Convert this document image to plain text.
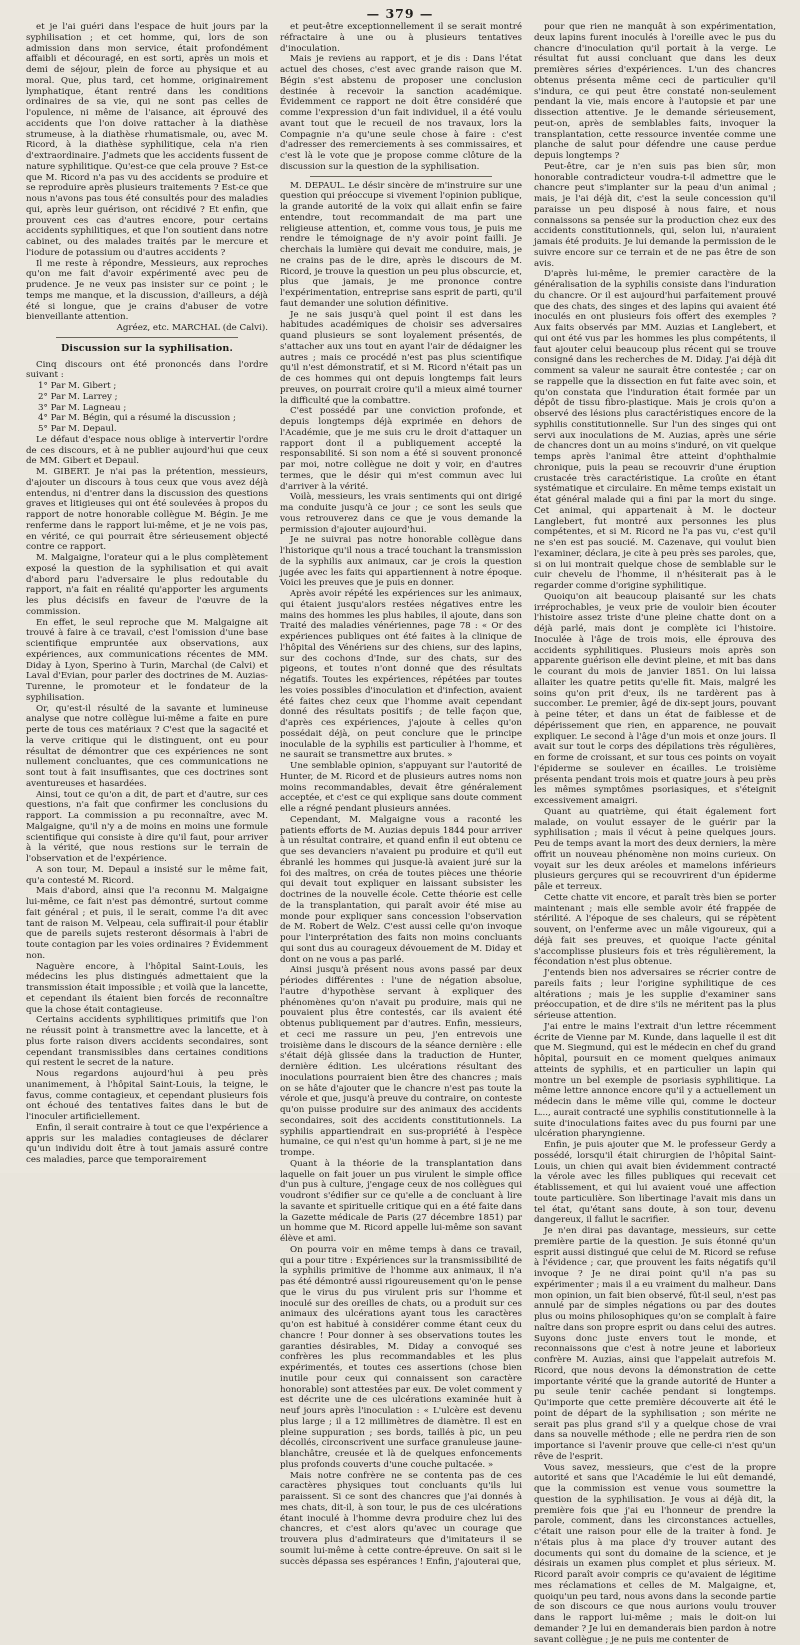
— 379 —

et je l'ai guéri dans l'espace de huit jours par la syphilisation ; et cet homme, qui, lors de son admission dans mon service, était profondément affaibli et découragé, en est sorti, après un mois et demi de séjour, plein de force au physique et au moral. Que, plus tard, cet homme, originairement lymphatique, étant rentré dans les conditions ordinaires de sa vie, qui ne sont pas celles de l'opulence, ni même de l'aisance, ait éprouvé des accidents que l'on doive rattacher à la diathèse strumeuse, à la diathèse rhumatismale, ou, avec M. Ricord, à la diathèse syphilitique, cela n'a rien d'extraordinaire. J'admets que les accidents fussent de nature syphilitique. Qu'est-ce que cela prouve ? Est-ce que M. Ricord n'a pas vu des accidents se produire et se reproduire après plusieurs traitements ? Est-ce que nous n'avons pas tous été consultés pour des maladies qui, après leur guérison, ont récidivé ? Et enfin, que prouvent ces cas d'autres encore, pour certains accidents syphilitiques, et que l'on soutient dans notre cabinet, ou des malades traités par le mercure et l'iodure de potassium ou d'autres accidents ?

Il me reste à répondre, Messieurs, aux reproches qu'on me fait d'avoir expérimenté avec peu de prudence. Je ne veux pas insister sur ce point ; le temps me manque, et la discussion, d'ailleurs, a déjà été si longue, que je crains d'abuser de votre bienveillante attention.

Agréez, etc. MARCHAL (de Calvi).

Discussion sur la syphilisation.

Cinq discours ont été prononcés dans l'ordre suivant :

1° Par M. Gibert ;
2° Par M. Larrey ;
3° Par M. Lagneau ;
4° Par M. Bégin, qui a résumé la discussion ;
5° Par M. Depaul.

Le défaut d'espace nous oblige à intervertir l'ordre de ces discours, et à ne publier aujourd'hui que ceux de MM. Gibert et Depaul.

M. GIBERT. Je n'ai pas la prétention, messieurs, d'ajouter un discours à tous ceux que vous avez déjà entendus, ni d'entrer dans la discussion des questions graves et litigieuses qui ont été soulevées à propos du rapport de notre honorable collègue M. Bégin. Je me renferme dans le rapport lui-même, et je ne vois pas, en vérité, ce qui pourrait être sérieusement objecté contre ce rapport.

M. Malgaigne, l'orateur qui a le plus complètement exposé la question de la syphilisation et qui avait d'abord paru l'adversaire le plus redoutable du rapport, n'a fait en réalité qu'apporter les arguments les plus décisifs en faveur de l'œuvre de la commission.

En effet, le seul reproche que M. Malgaigne ait trouvé à faire à ce travail, c'est l'omission d'une base scientifique empruntée aux observations, aux expériences, aux communications récentes de MM. Diday à Lyon, Sperino à Turin, Marchal (de Calvi) et Laval d'Evian, pour parler des doctrines de M. Auzias-Turenne, le promoteur et le fondateur de la syphilisation.

Or, qu'est-il résulté de la savante et lumineuse analyse que notre collègue lui-même a faite en pure perte de tous ces matériaux ? C'est que la sagacité et la verve critique qui le distinguent, ont eu pour résultat de démontrer que ces expériences ne sont nullement concluantes, que ces communications ne sont tout à fait insuffisantes, que ces doctrines sont aventureuses et hasardées.

Ainsi, tout ce qu'on a dit, de part et d'autre, sur ces questions, n'a fait que confirmer les conclusions du rapport. La commission a pu reconnaître, avec M. Malgaigne, qu'il n'y a de moins en moins une formule scientifique qui consiste à dire qu'il faut, pour arriver à la vérité, que nous restions sur le terrain de l'observation et de l'expérience.

A son tour, M. Depaul a insisté sur le même fait, qu'a contesté M. Ricord.

Mais d'abord, ainsi que l'a reconnu M. Malgaigne lui-même, ce fait n'est pas démontré, surtout comme fait général ; et puis, il le serait, comme l'a dit avec tant de raison M. Velpeau, cela suffirait-il pour établir que de pareils sujets resteront désormais à l'abri de toute contagion par les voies ordinaires ? Évidemment non.

Naguère encore, à l'hôpital Saint-Louis, les médecins les plus distingués admettaient que la transmission était impossible ; et voilà que la lancette, et cependant ils étaient bien forcés de reconnaître que la chose était contagieuse.

Certains accidents syphilitiques primitifs que l'on ne réussit point à transmettre avec la lancette, et à plus forte raison divers accidents secondaires, sont cependant transmissibles dans certaines conditions qui restent le secret de la nature.

Nous regardons aujourd'hui à peu près unanimement, à l'hôpital Saint-Louis, la teigne, le favus, comme contagieux, et cependant plusieurs fois ont échoué des tentatives faites dans le but de l'inoculer artificiellement.

Enfin, il serait contraire à tout ce que l'expérience a appris sur les maladies contagieuses de déclarer qu'un individu doit être à tout jamais assuré contre ces maladies, parce que temporairement

et peut-être exceptionnellement il se serait montré réfractaire à une ou à plusieurs tentatives d'inoculation.

Mais je reviens au rapport, et je dis : Dans l'état actuel des choses, c'est avec grande raison que M. Bégin s'est abstenu de proposer une conclusion destinée à recevoir la sanction académique. Évidemment ce rapport ne doit être considéré que comme l'expression d'un fait individuel, il a été voulu avant tout que le recueil de nos travaux, lors la Compagnie n'a qu'une seule chose à faire : c'est d'adresser des remerciements à ses commissaires, et c'est là le vote que je propose comme clôture de la discussion sur la question de la syphilisation.

M. DEPAUL. Le désir sincère de m'instruire sur une question qui préoccupe si vivement l'opinion publique, la grande autorité de la voix qui allait enfin se faire entendre, tout recommandait de ma part une religieuse attention, et, comme vous tous, je puis me rendre le témoignage de n'y avoir point failli. Je cherchais la lumière qui devait me conduire, mais, je ne crains pas de le dire, après le discours de M. Ricord, je trouve la question un peu plus obscurcie, et, plus que jamais, je me prononce contre l'expérimentation, entreprise sans esprit de parti, qu'il faut demander une solution définitive.

Je ne sais jusqu'à quel point il est dans les habitudes académiques de choisir ses adversaires quand plusieurs se sont loyalement présentés, de s'attacher aux uns tout en ayant l'air de dédaigner les autres ; mais ce procédé n'est pas plus scientifique qu'il n'est démonstratif, et si M. Ricord n'était pas un de ces hommes qui ont depuis longtemps fait leurs preuves, on pourrait croire qu'il a mieux aimé tourner la difficulté que la combattre.

C'est possédé par une conviction profonde, et depuis longtemps déjà exprimée en dehors de l'Académie, que je me suis cru le droit d'attaquer un rapport dont il a publiquement accepté la responsabilité. Si son nom a été si souvent prononcé par moi, notre collègue ne doit y voir, en d'autres termes, que le désir qui m'est commun avec lui d'arriver à la vérité.

Voilà, messieurs, les vrais sentiments qui ont dirigé ma conduite jusqu'à ce jour ; ce sont les seuls que vous retrouverez dans ce que je vous demande la permission d'ajouter aujourd'hui.

Je ne suivrai pas notre honorable collègue dans l'historique qu'il nous a tracé touchant la transmission de la syphilis aux animaux, car je crois la question jugée avec les faits qui appartiennent à notre époque. Voici les preuves que je puis en donner.

Après avoir répété les expériences sur les animaux, qui étaient jusqu'alors restées négatives entre les mains des hommes les plus habiles, il ajoute, dans son Traité des maladies vénériennes, page 78 : « Or des expériences publiques ont été faites à la clinique de l'hôpital des Vénériens sur des chiens, sur des lapins, sur des cochons d'Inde, sur des chats, sur des pigeons, et toutes n'ont donné que des résultats négatifs. Toutes les expériences, répétées par toutes les voies possibles d'inoculation et d'infection, avaient été faites chez ceux que l'homme avait cependant donné des résultats positifs ; de telle façon que, d'après ces expériences, j'ajoute à celles qu'on possédait déjà, on peut conclure que le principe inoculable de la syphilis est particulier à l'homme, et ne saurait se transmettre aux brutes. »

Une semblable opinion, s'appuyant sur l'autorité de Hunter, de M. Ricord et de plusieurs autres noms non moins recommandables, devait être généralement acceptée, et c'est ce qui explique sans doute comment elle a régné pendant plusieurs années.

Cependant, M. Malgaigne vous a raconté les patients efforts de M. Auzias depuis 1844 pour arriver à un résultat contraire, et quand enfin il eut obtenu ce que ses devanciers n'avaient pu produire et qu'il eut ébranlé les hommes qui jusque-là avaient juré sur la foi des maîtres, on créa de toutes pièces une théorie qui devait tout expliquer en laissant subsister les doctrines de la nouvelle école. Cette théorie est celle de la transplantation, qui paraît avoir été mise au monde pour expliquer sans concession l'observation de M. Robert de Welz. C'est aussi celle qu'on invoque pour l'interprétation des faits non moins concluants qui sont dus au courageux dévouement de M. Diday et dont on ne vous a pas parlé.

Ainsi jusqu'à présent nous avons passé par deux périodes différentes : l'une de négation absolue, l'autre d'hypothèse servant à expliquer des phénomènes qu'on n'avait pu produire, mais qui ne pouvaient plus être contestés, car ils avaient été obtenus publiquement par d'autres. Enfin, messieurs, et ceci me rassure un peu, j'en entrevois une troisième dans le discours de la séance dernière : elle s'était déjà glissée dans la traduction de Hunter, dernière édition. Les ulcérations résultant des inoculations pourraient bien être des chancres ; mais on se hâte d'ajouter que le chancre n'est pas toute la vérole et que, jusqu'à preuve du contraire, on conteste qu'on puisse produire sur des animaux des accidents secondaires, soit des accidents constitutionnels. La syphilis appartiendrait en sus-propriété à l'espèce humaine, ce qui n'est qu'un homme à part, si je ne me trompe.

Quant à la théorie de la transplantation dans laquelle on fait jouer un pus virulent le simple office d'un pus à culture, j'engage ceux de nos collègues qui voudront s'édifier sur ce qu'elle a de concluant à lire la savante et spirituelle critique qui en a été faite dans la Gazette médicale de Paris (27 décembre 1851) par un homme que M. Ricord appelle lui-même son savant élève et ami.

On pourra voir en même temps à dans ce travail, qui a pour titre : Expériences sur la transmissibilité de la syphilis primitive de l'homme aux animaux, il n'a pas été démontré aussi rigoureusement qu'on le pense que le virus du pus virulent pris sur l'homme et inoculé sur des oreilles de chats, ou a produit sur ces animaux des ulcérations ayant tous les caractères qu'on est habitué à considérer comme étant ceux du chancre ! Pour donner à ses observations toutes les garanties désirables, M. Diday a convoqué ses confrères les plus recommandables et les plus expérimentés, et toutes ces assertions (chose bien inutile pour ceux qui connaissent son caractère honorable) sont attestées par eux. De volet comment y est décrite une de ces ulcérations examinée huit à neuf jours après l'inoculation : « L'ulcère est devenu plus large ; il a 12 millimètres de diamètre. Il est en pleine suppuration ; ses bords, taillés à pic, un peu décollés, circonscrivent une surface granuleuse jaune-blanchâtre, creusée et là de quelques enfoncements plus profonds couverts d'une couche pultacée. »

Mais notre confrère ne se contenta pas de ces caractères physiques tout concluants qu'ils lui paraissent. Si ce sont des chancres que j'ai donnés à mes chats, dit-il, à son tour, le pus de ces ulcérations étant inoculé à l'homme devra produire chez lui des chancres, et c'est alors qu'avec un courage que trouvera plus d'admirateurs que d'imitateurs il se soumit lui-même à cette contre-épreuve. On sait si le succès dépassa ses espérances ! Enfin, j'ajouterai que,

pour que rien ne manquât à son expérimentation, deux lapins furent inoculés à l'oreille avec le pus du chancre d'inoculation qu'il portait à la verge. Le résultat fut aussi concluant que dans les deux premières séries d'expériences. L'un des chancres obtenus présenta même ceci de particulier qu'il s'indura, ce qui peut être constaté non-seulement pendant la vie, mais encore à l'autopsie et par une dissection attentive. Je le demande sérieusement, peut-on, après de semblables faits, invoquer la transplantation, cette ressource inventée comme une planche de salut pour défendre une cause perdue depuis longtemps ?

Peut-être, car je n'en suis pas bien sûr, mon honorable contradicteur voudra-t-il admettre que le chancre peut s'implanter sur la peau d'un animal ; mais, je l'ai déjà dit, c'est la seule concession qu'il paraisse un peu disposé à nous faire, et nous connaissons sa pensée sur la production chez eux des accidents constitutionnels, qui, selon lui, n'auraient jamais été produits. Je lui demande la permission de le suivre encore sur ce terrain et de ne pas être de son avis.

D'après lui-même, le premier caractère de la généralisation de la syphilis consiste dans l'induration du chancre. Or il est aujourd'hui parfaitement prouvé que des chats, des singes et des lapins qui avaient été inoculés en ont plusieurs fois offert des exemples ? Aux faits observés par MM. Auzias et Langlebert, et qui ont été vus par les hommes les plus compétents, il faut ajouter celui beaucoup plus récent qui se trouve consigné dans les recherches de M. Diday. J'ai déjà dit comment sa valeur ne saurait être contestée ; car on se rappelle que la dissection en fut faite avec soin, et qu'on constata que l'induration était formée par un dépôt de tissu fibro-plastique. Mais je crois qu'on a observé des lésions plus caractéristiques encore de la syphilis constitutionnelle. Sur l'un des singes qui ont servi aux inoculations de M. Auzias, après une série de chancres dont un au moins s'induré, on vit quelque temps après l'animal être atteint d'ophthalmie chronique, puis la peau se recouvrir d'une éruption crustacée très caractéristique. La croûte en étant systématique et circulaire. En même temps existait un état général malade qui a fini par la mort du singe. Cet animal, qui appartenait à M. le docteur Langlebert, fut montré aux personnes les plus compétentes, et si M. Ricord ne l'a pas vu, c'est qu'il ne s'en est pas soucié. M. Cazenave, qui voulut bien l'examiner, déclara, je cite à peu près ses paroles, que, si on lui montrait quelque chose de semblable sur le cuir chevelu de l'homme, il n'hésiterait pas à le regarder comme d'origine syphilitique.

Quoiqu'on ait beaucoup plaisanté sur les chats irréprochables, je veux prie de vouloir bien écouter l'histoire assez triste d'une pleine chatte dont on a déjà parlé, mais dont je complète ici l'histoire. Inoculée à l'âge de trois mois, elle éprouva des accidents syphilitiques. Plusieurs mois après son apparente guérison elle devint pleine, et mit bas dans le courant du mois de janvier 1851. On lui laissa allaiter les quatre petits qu'elle fit. Mais, malgré les soins qu'on prit d'eux, ils ne tardèrent pas à succomber. Le premier, âgé de dix-sept jours, pouvant à peine téter, et dans un état de faiblesse et de dépérissement que rien, en apparence, ne pouvait expliquer. Le second à l'âge d'un mois et onze jours. Il avait sur tout le corps des dépilations très régulières, en forme de croissant, et sur tous ces points on voyait l'épiderme se soulever en écailles. Le troisième présenta pendant trois mois et quatre jours à peu près les mêmes symptômes psoriasiques, et s'éteignit excessivement amaigri.

Quant au quatrième, qui était également fort malade, on voulut essayer de le guérir par la syphilisation ; mais il vécut à peine quelques jours. Peu de temps avant la mort des deux derniers, la mère offrit un nouveau phénomène non moins curieux. On voyait sur les deux aréoles et mamelons inférieurs plusieurs gerçures qui se recouvrirent d'un épiderme pâle et terreux.

Cette chatte vit encore, et paraît très bien se porter maintenant ; mais elle semble avoir été frappée de stérilité. A l'époque de ses chaleurs, qui se répètent souvent, on l'enferme avec un mâle vigoureux, qui a déjà fait ses preuves, et quoique l'acte génital s'accomplisse plusieurs fois et très régulièrement, la fécondation n'est plus obtenue.

J'entends bien nos adversaires se récrier contre de pareils faits ; leur l'origine syphilitique de ces altérations ; mais je les supplie d'examiner sans préoccupation, et de dire s'ils ne méritent pas la plus sérieuse attention.

J'ai entre le mains l'extrait d'un lettre récemment écrite de Vienne par M. Kunde, dans laquelle il est dit que M. Siegmund, qui est le médecin en chef du grand hôpital, poursuit en ce moment quelques animaux atteints de syphilis, et en particulier un lapin qui montre un bel exemple de psoriasis syphilitique. La même lettre annonce encore qu'il y a actuellement un médecin dans le même ville qui, comme le docteur L..., aurait contracté une syphilis constitutionnelle à la suite d'inoculations faites avec du pus fourni par une ulcération pharyngienne.

Enfin, je puis ajouter que M. le professeur Gerdy a possédé, lorsqu'il était chirurgien de l'hôpital Saint-Louis, un chien qui avait bien évidemment contracté la vérole avec les filles publiques qui recevait cet établissement, et qui lui avaient voué une affection toute particulière. Son libertinage l'avait mis dans un tel état, qu'étant sans doute, à son tour, devenu dangereux, il fallut le sacrifier.

Je n'en dirai pas davantage, messieurs, sur cette première partie de la question. Je suis étonné qu'un esprit aussi distingué que celui de M. Ricord se refuse à l'évidence ; car, que prouvent les faits négatifs qu'il invoque ? Je ne dirai point qu'il n'a pas su expérimenter ; mais il a eu vraiment du malheur. Dans mon opinion, un fait bien observé, fût-il seul, n'est pas annulé par de simples négations ou par des doutes plus ou moins philosophiques qu'on se complaît à faire naître dans son propre esprit ou dans celui des autres. Suyons donc juste envers tout le monde, et reconnaissons que c'est à notre jeune et laborieux confrère M. Auzias, ainsi que l'appelait autrefois M. Ricord, que nous devons la démonstration de cette importante vérité que la grande autorité de Hunter a pu seule tenir cachée pendant si longtemps. Qu'importe que cette première découverte ait été le point de départ de la syphilisation ; son mérite ne serait pas plus grand s'il y a quelque chose de vrai dans sa nouvelle méthode ; elle ne perdra rien de son importance si l'avenir prouve que celle-ci n'est qu'un rêve de l'esprit.

Vous savez, messieurs, que c'est de la propre autorité et sans que l'Académie le lui eût demandé, que la commission est venue vous soumettre la question de la syphilisation. Je vous ai déjà dit, la première fois que j'ai eu l'honneur de prendre la parole, comment, dans les circonstances actuelles, c'était une raison pour elle de la traiter à fond. Je n'étais plus à ma place d'y trouver autant des documents qui sont du domaine de la science, et je désirais un examen plus complet et plus sérieux. M. Ricord paraît avoir compris ce qu'avaient de légitime mes réclamations et celles de M. Malgaigne, et, quoiqu'un peu tard, nous avons dans la seconde partie de son discours ce que nous aurions voulu trouver dans le rapport lui-même ; mais le doit-on lui demander ? Je lui en demanderais bien pardon à notre savant collègue ; je ne puis me contenter de
